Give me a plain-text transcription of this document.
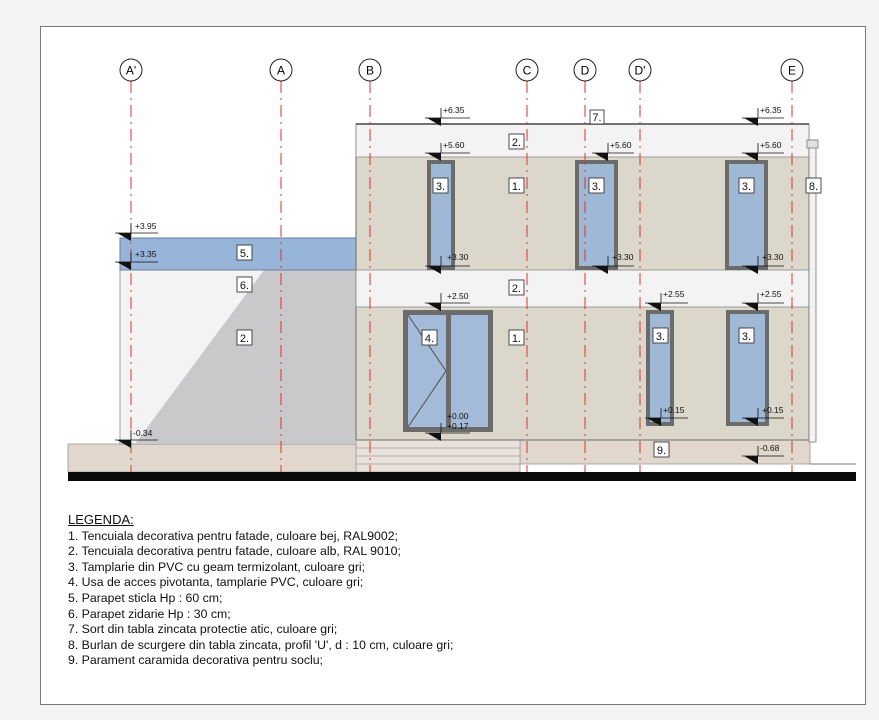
A'	A	B	C	D	D'	E
+6.35	+6.35
+5.60	+5.60	+5.60
+3.95
+3.35	+3.30	+3.30	+3.30
+2.50	+2.55	+2.55
+0.00
+0.17
+0.15	+0.15
-0.34
-0.68
7.
2.
1.
3.	3.	3.	8.
5.
6.	2.
2.	4.	1.	3.	3.
9.
LEGENDA:
1. Tencuiala decorativa pentru fatade, culoare bej, RAL9002;
2. Tencuiala decorativa pentru fatade, culoare alb, RAL 9010;
3. Tamplarie din PVC cu geam termizolant, culoare gri;
4. Usa de acces pivotanta, tamplarie PVC, culoare gri;
5. Parapet sticla Hp : 60 cm;
6. Parapet zidarie Hp : 30 cm;
7. Sort din tabla zincata protectie atic, culoare gri;
8. Burlan de scurgere din tabla zincata, profil 'U', d : 10 cm, culoare gri;
9. Parament caramida decorativa pentru soclu;
